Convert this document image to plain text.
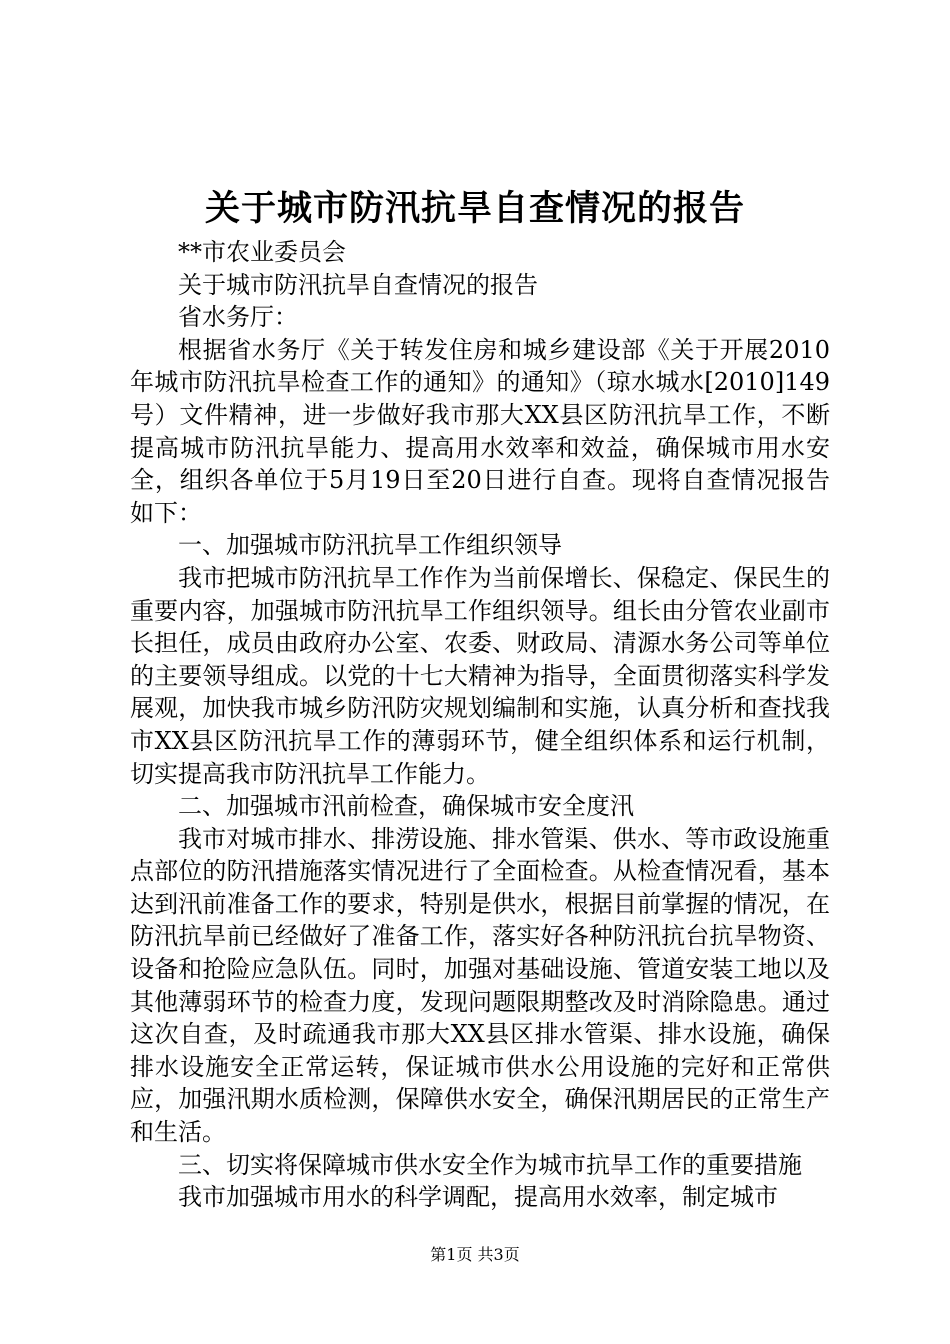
关于城市防汛抗旱自查情况的报告

**市农业委员会

关于城市防汛抗旱自查情况的报告

省水务厅：

根据省水务厅《关于转发住房和城乡建设部《关于开展2010年城市防汛抗旱检查工作的通知》的通知》（琼水城水[2010]149号）文件精神，进一步做好我市那大XX县区防汛抗旱工作，不断提高城市防汛抗旱能力、提高用水效率和效益，确保城市用水安全，组织各单位于5月19日至20日进行自查。现将自查情况报告如下：

一、加强城市防汛抗旱工作组织领导

我市把城市防汛抗旱工作作为当前保增长、保稳定、保民生的重要内容，加强城市防汛抗旱工作组织领导。组长由分管农业副市长担任，成员由政府办公室、农委、财政局、清源水务公司等单位的主要领导组成。以党的十七大精神为指导，全面贯彻落实科学发展观，加快我市城乡防汛防灾规划编制和实施，认真分析和查找我市XX县区防汛抗旱工作的薄弱环节，健全组织体系和运行机制，切实提高我市防汛抗旱工作能力。

二、加强城市汛前检查，确保城市安全度汛

我市对城市排水、排涝设施、排水管渠、供水、等市政设施重点部位的防汛措施落实情况进行了全面检查。从检查情况看，基本达到汛前准备工作的要求，特别是供水，根据目前掌握的情况，在防汛抗旱前已经做好了准备工作，落实好各种防汛抗台抗旱物资、设备和抢险应急队伍。同时，加强对基础设施、管道安装工地以及其他薄弱环节的检查力度，发现问题限期整改及时消除隐患。通过这次自查，及时疏通我市那大XX县区排水管渠、排水设施，确保排水设施安全正常运转，保证城市供水公用设施的完好和正常供应，加强汛期水质检测，保障供水安全，确保汛期居民的正常生产和生活。

三、切实将保障城市供水安全作为城市抗旱工作的重要措施

我市加强城市用水的科学调配，提高用水效率，制定城市

第1页 共3页
